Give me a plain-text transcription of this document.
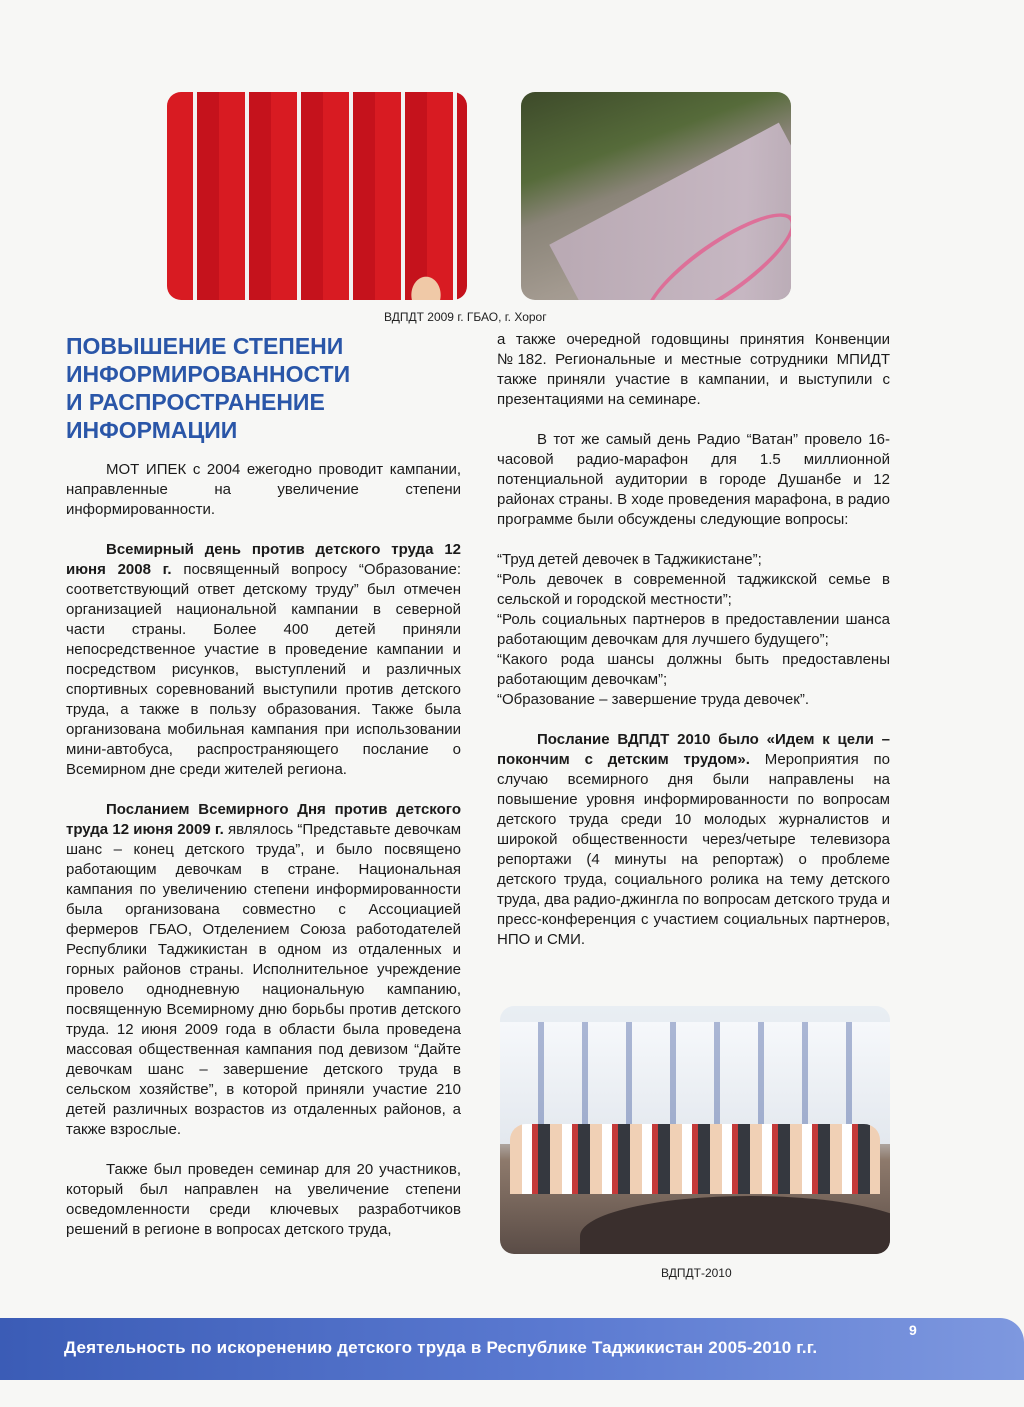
ВДПДТ 2009 г. ГБАО, г. Хорог
ПОВЫШЕНИЕ СТЕПЕНИ
ИНФОРМИРОВАННОСТИ
И РАСПРОСТРАНЕНИЕ
ИНФОРМАЦИИ

МОТ ИПЕК с 2004 ежегодно проводит кампании, направленные на увеличение степени информированности.

Всемирный день против детского труда 12 июня 2008 г. посвященный вопросу “Образование: соответствующий ответ детскому труду” был отмечен организацией национальной кампании в северной части страны. Более 400 детей приняли непосредственное участие в проведение кампании и посредством рисунков, выступлений и различных спортивных соревнований выступили против детского труда, а также в пользу образования. Также была организована мобильная кампания при использовании мини-автобуса, распространяющего послание о Всемирном дне среди жителей региона.

Посланием Всемирного Дня против детского труда 12 июня 2009 г. являлось “Представьте девочкам шанс – конец детского труда”, и было посвящено работающим девочкам в стране. Национальная кампания по увеличению степени информированности была организована совместно с Ассоциацией фермеров ГБАО, Отделением Союза работодателей Республики Таджикистан в одном из отдаленных и горных районов страны. Исполнительное учреждение провело однодневную национальную кампанию, посвященную Всемирному дню борьбы против детского труда. 12 июня 2009 года в области была проведена массовая общественная кампания под девизом “Дайте девочкам шанс – завершение детского труда в сельском хозяйстве”, в которой приняли участие 210 детей различных возрастов из отдаленных районов, а также взрослые.

Также был проведен семинар для 20 участников, который был направлен на увеличение степени осведомленности среди ключевых разработчиков решений в регионе в вопросах детского труда,

а также очередной годовщины принятия Конвенции №182. Региональные и местные сотрудники МПИДТ также приняли участие в кампании, и выступили с презентациями на семинаре.

В тот же самый день Радио “Ватан” провело 16-часовой радио-марафон для 1.5 миллионной потенциальной аудитории в городе Душанбе и 12 районах страны. В ходе проведения марафона, в радио программе были обсуждены следующие вопросы:

“Труд детей девочек в Таджикистане”;

“Роль девочек в современной таджикской семье в сельской и городской местности”;

“Роль социальных партнеров в предоставлении шанса работающим девочкам для лучшего будущего”;

“Какого рода шансы должны быть предоставлены работающим девочкам”;

“Образование – завершение труда девочек”.

Послание ВДПДТ 2010 было «Идем к цели – покончим с детским трудом». Мероприятия по случаю всемирного дня были направлены на повышение уровня информированности по вопросам детского труда среди 10 молодых журналистов и широкой общественности через/четыре телевизора репортажи (4 минуты на репортаж) о проблеме детского труда, социального ролика на тему детского труда, два радио-джингла по вопросам детского труда и пресс-конференция с участием социальных партнеров, НПО и СМИ.

ВДПДТ-2010
Деятельность по искоренению детского труда в Республике Таджикистан 2005-2010 г.г.
9
